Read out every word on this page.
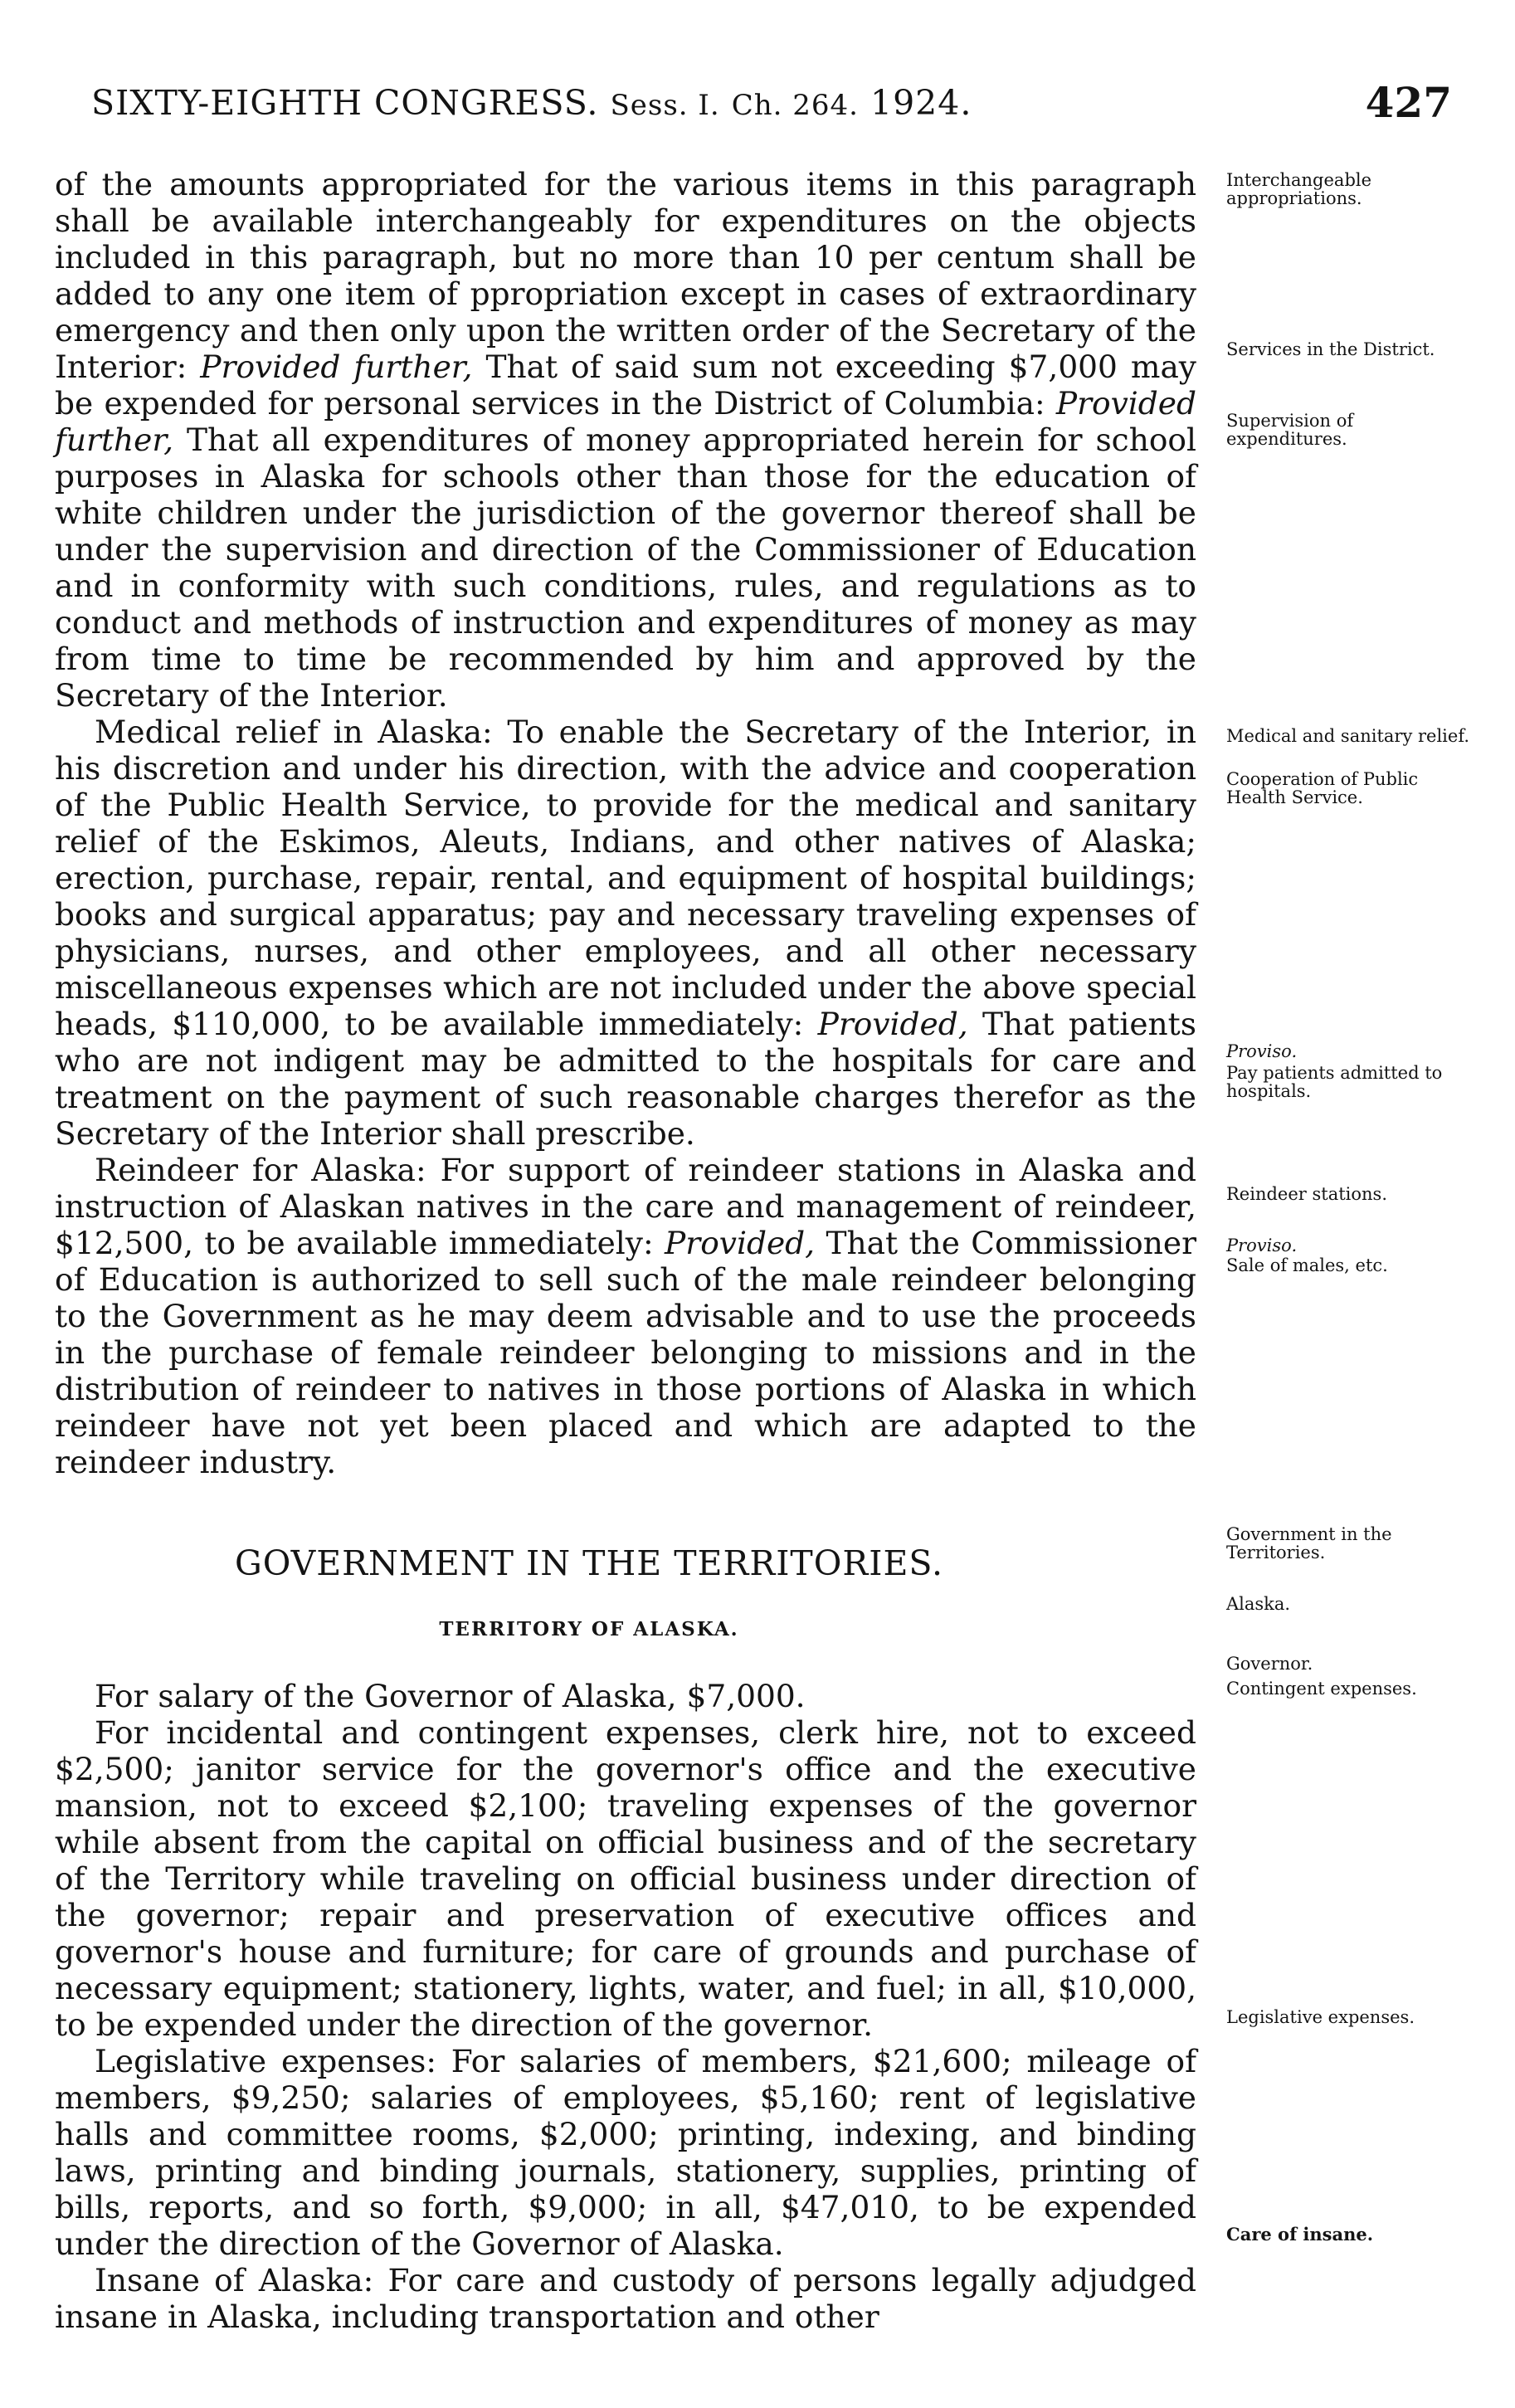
SIXTY-EIGHTH CONGRESS. Sess. I. Ch. 264. 1924.	427

of the amounts appropriated for the various items in this paragraph shall be available interchangeably for expenditures on the objects included in this paragraph, but no more than 10 per centum shall be added to any one item of ppropriation except in cases of extraordinary emergency and then only upon the written order of the Secretary of the Interior: Provided further, That of said sum not exceeding $7,000 may be expended for personal services in the District of Columbia: Provided further, That all expenditures of money appropriated herein for school purposes in Alaska for schools other than those for the education of white children under the jurisdiction of the governor thereof shall be under the supervision and direction of the Commissioner of Education and in conformity with such conditions, rules, and regulations as to conduct and methods of instruction and expenditures of money as may from time to time be recommended by him and approved by the Secretary of the Interior.

Medical relief in Alaska: To enable the Secretary of the Interior, in his discretion and under his direction, with the advice and cooperation of the Public Health Service, to provide for the medical and sanitary relief of the Eskimos, Aleuts, Indians, and other natives of Alaska; erection, purchase, repair, rental, and equipment of hospital buildings; books and surgical apparatus; pay and necessary traveling expenses of physicians, nurses, and other employees, and all other necessary miscellaneous expenses which are not included under the above special heads, $110,000, to be available immediately: Provided, That patients who are not indigent may be admitted to the hospitals for care and treatment on the payment of such reasonable charges therefor as the Secretary of the Interior shall prescribe.

Reindeer for Alaska: For support of reindeer stations in Alaska and instruction of Alaskan natives in the care and management of reindeer, $12,500, to be available immediately: Provided, That the Commissioner of Education is authorized to sell such of the male reindeer belonging to the Government as he may deem advisable and to use the proceeds in the purchase of female reindeer belonging to missions and in the distribution of reindeer to natives in those portions of Alaska in which reindeer have not yet been placed and which are adapted to the reindeer industry.

GOVERNMENT IN THE TERRITORIES.
TERRITORY OF ALASKA.

For salary of the Governor of Alaska, $7,000.

For incidental and contingent expenses, clerk hire, not to exceed $2,500; janitor service for the governor's office and the executive mansion, not to exceed $2,100; traveling expenses of the governor while absent from the capital on official business and of the secretary of the Territory while traveling on official business under direction of the governor; repair and preservation of executive offices and governor's house and furniture; for care of grounds and purchase of necessary equipment; stationery, lights, water, and fuel; in all, $10,000, to be expended under the direction of the governor.

Legislative expenses: For salaries of members, $21,600; mileage of members, $9,250; salaries of employees, $5,160; rent of legislative halls and committee rooms, $2,000; printing, indexing, and binding laws, printing and binding journals, stationery, supplies, printing of bills, reports, and so forth, $9,000; in all, $47,010, to be expended under the direction of the Governor of Alaska.

Insane of Alaska: For care and custody of persons legally adjudged insane in Alaska, including transportation and other

Interchangeable appropriations.
Services in the District.
Supervision of expenditures.
Medical and sanitary relief.
Cooperation of Public Health Service.
Proviso.
Pay patients admitted to hospitals.
Reindeer stations.
Proviso.
Sale of males, etc.
Government in the Territories.
Alaska.
Governor.
Contingent expenses.
Legislative expenses.
Care of insane.
